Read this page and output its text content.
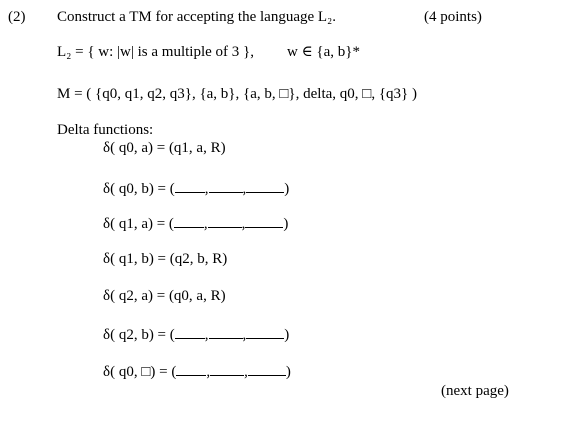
(2) Construct a TM for accepting the language L₂.	(4 points)
L₂ = { w: |w| is a multiple of 3 }, w ∈ {a, b}*
M = ( {q0, q1, q2, q3}, {a, b}, {a, b, □}, delta, q0, □, {q3} )
Delta functions:
δ( q0, a) = (q1, a, R)
δ( q0, b) = ( , ,	)
δ( q1, a) = ( , ,	)
δ( q1, b) = (q2, b, R)
δ( q2, a) = (q0, a, R)
δ( q2, b) = ( , ,	)
δ( q0, □) = ( , ,	)
(next page)
